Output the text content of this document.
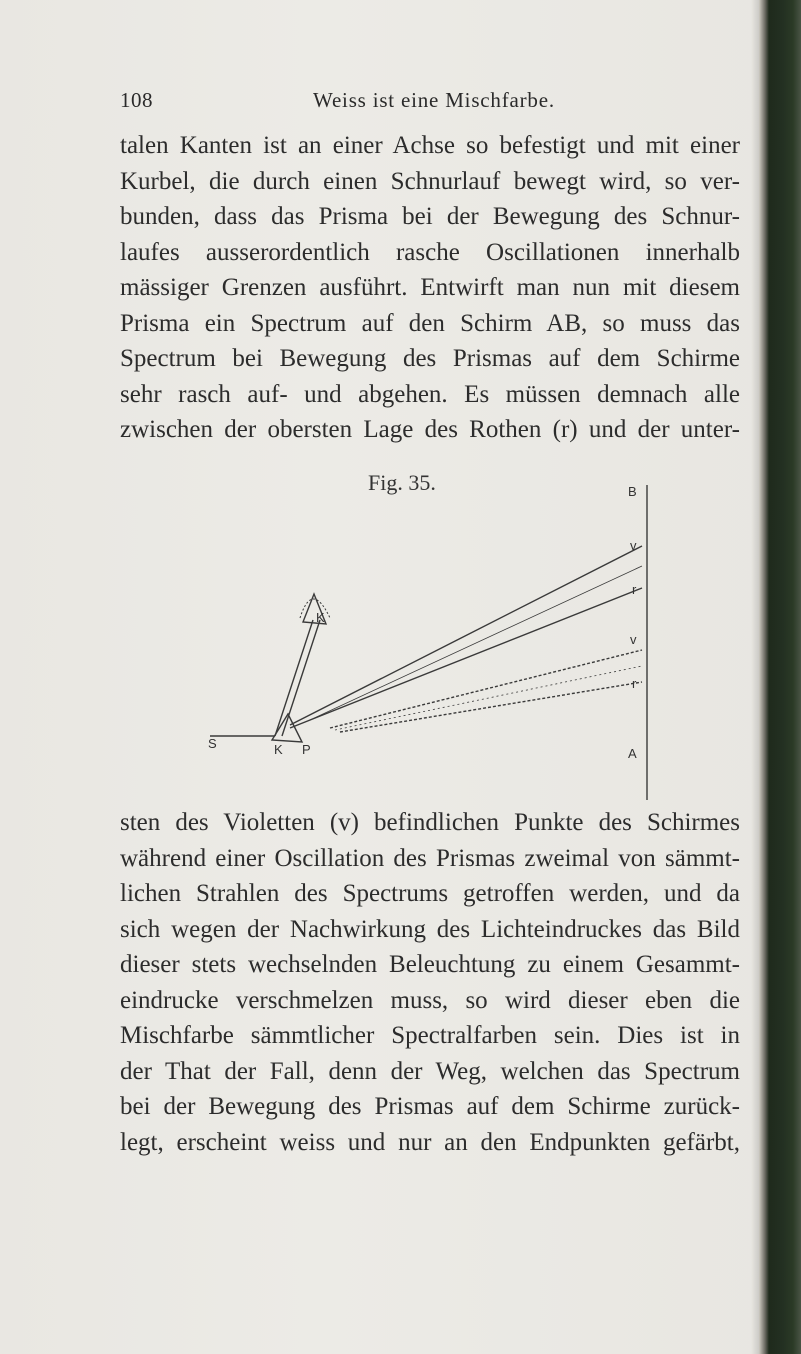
108	Weiss ist eine Mischfarbe.
talen Kanten ist an einer Achse so befestigt und mit einer
Kurbel, die durch einen Schnurlauf bewegt wird, so ver-
bunden, dass das Prisma bei der Bewegung des Schnur-
laufes ausserordentlich rasche Oscillationen innerhalb
mässiger Grenzen ausführt. Entwirft man nun mit diesem
Prisma ein Spectrum auf den Schirm AB, so muss das
Spectrum bei Bewegung des Prismas auf dem Schirme
sehr rasch auf- und abgehen. Es müssen demnach alle
zwischen der obersten Lage des Rothen (r) und der unter-
Fig. 35.	B
v
r
v
r
A
S	K
K
P
sten des Violetten (v) befindlichen Punkte des Schirmes
während einer Oscillation des Prismas zweimal von sämmt-
lichen Strahlen des Spectrums getroffen werden, und da
sich wegen der Nachwirkung des Lichteindruckes das Bild
dieser stets wechselnden Beleuchtung zu einem Gesammt-
eindrucke verschmelzen muss, so wird dieser eben die
Mischfarbe sämmtlicher Spectralfarben sein. Dies ist in
der That der Fall, denn der Weg, welchen das Spectrum
bei der Bewegung des Prismas auf dem Schirme zurück-
legt, erscheint weiss und nur an den Endpunkten gefärbt,
